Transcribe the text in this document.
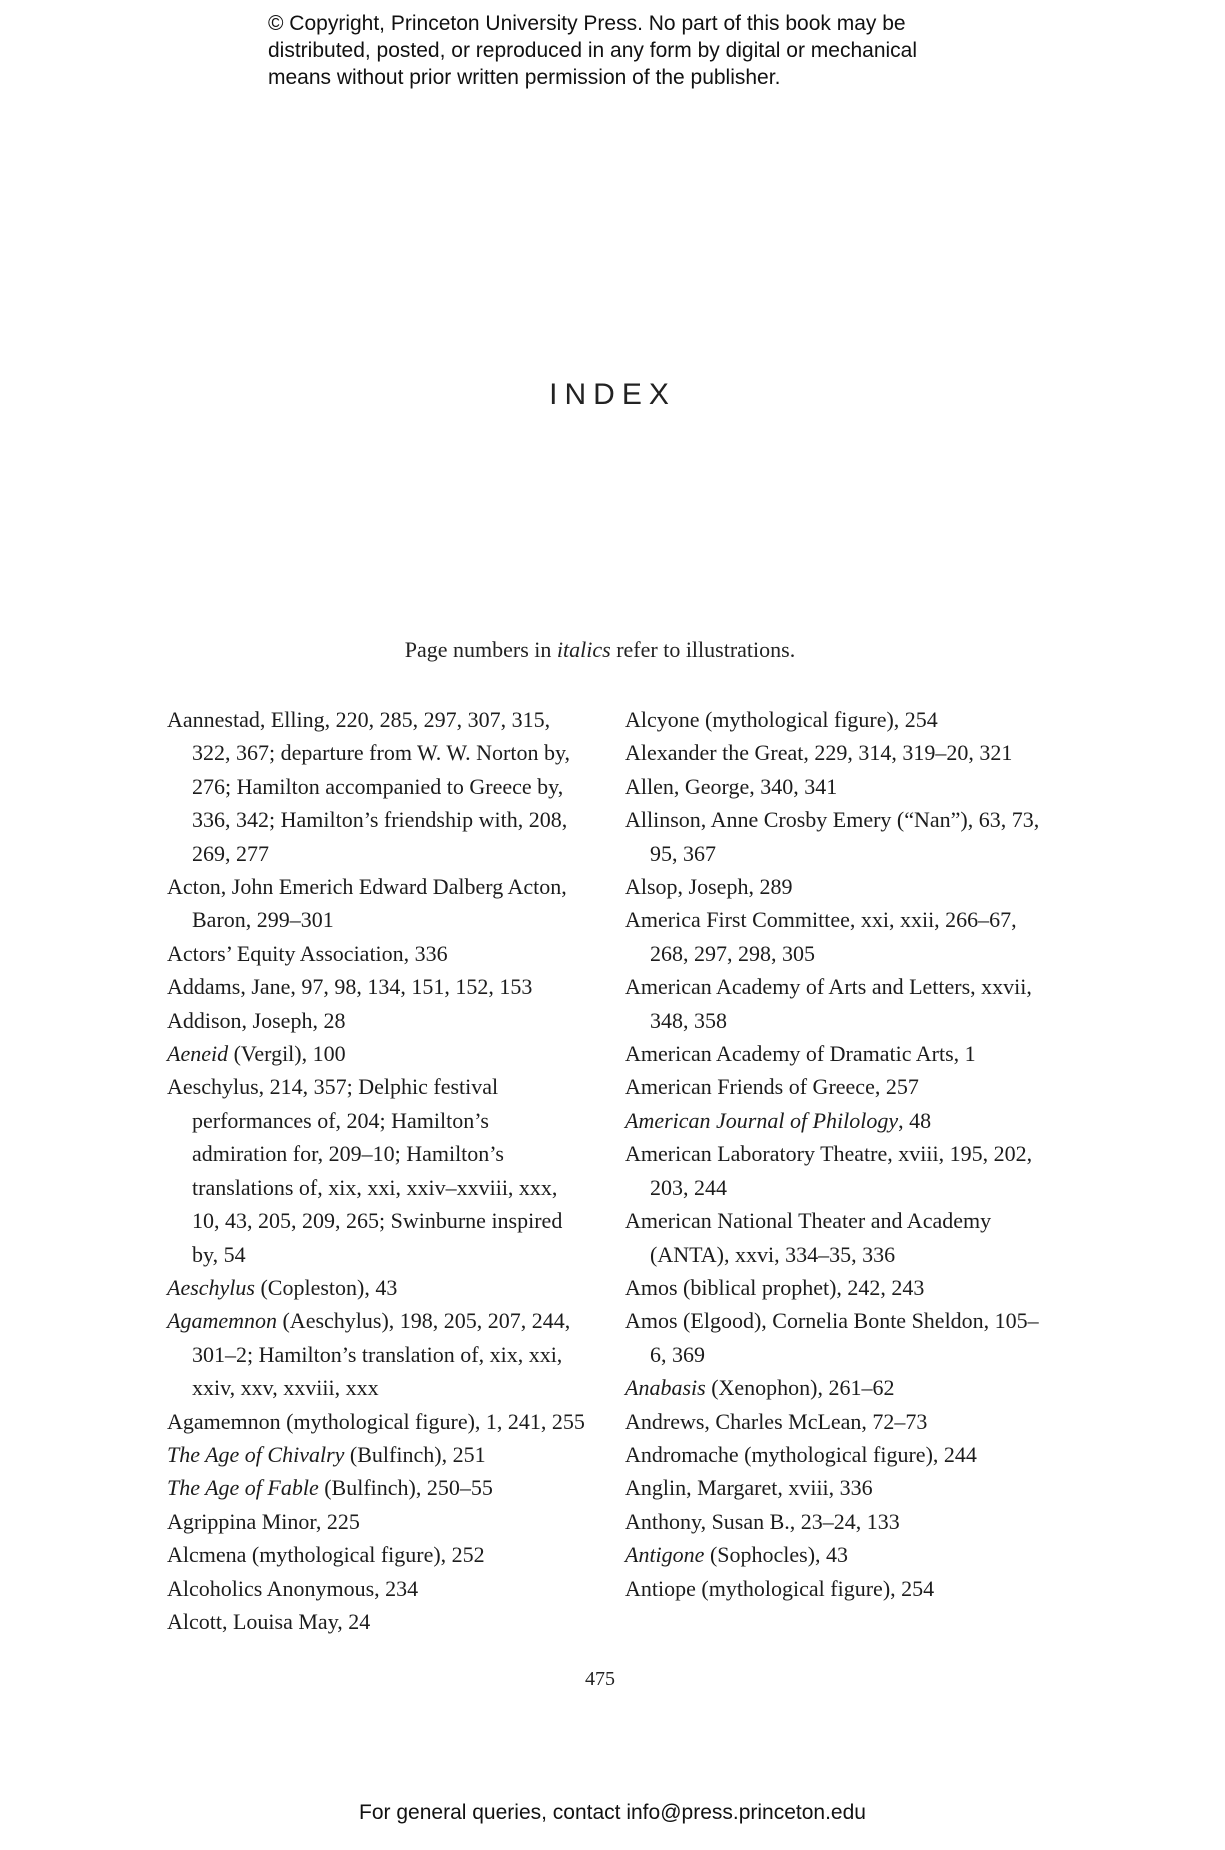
© Copyright, Princeton University Press. No part of this book may be
distributed, posted, or reproduced in any form by digital or mechanical
means without prior written permission of the publisher.
INDEX
Page numbers in italics refer to illustrations.

Aannestad, Elling, 220, 285, 297, 307, 315, 322, 367; departure from W. W. Norton by, 276; Hamilton accompanied to Greece by, 336, 342; Hamilton’s friendship with, 208, 269, 277

Acton, John Emerich Edward Dalberg Acton, Baron, 299–301

Actors’ Equity Association, 336

Addams, Jane, 97, 98, 134, 151, 152, 153

Addison, Joseph, 28

Aeneid (Vergil), 100

Aeschylus, 214, 357; Delphic festival performances of, 204; Hamilton’s admiration for, 209–10; Hamilton’s translations of, xix, xxi, xxiv–xxviii, xxx, 10, 43, 205, 209, 265; Swinburne inspired by, 54

Aeschylus (Copleston), 43

Agamemnon (Aeschylus), 198, 205, 207, 244, 301–2; Hamilton’s translation of, xix, xxi, xxiv, xxv, xxviii, xxx

Agamemnon (mythological figure), 1, 241, 255

The Age of Chivalry (Bulfinch), 251

The Age of Fable (Bulfinch), 250–55

Agrippina Minor, 225

Alcmena (mythological figure), 252

Alcoholics Anonymous, 234

Alcott, Louisa May, 24

Alcyone (mythological figure), 254

Alexander the Great, 229, 314, 319–20, 321

Allen, George, 340, 341

Allinson, Anne Crosby Emery (“Nan”), 63, 73, 95, 367

Alsop, Joseph, 289

America First Committee, xxi, xxii, 266–67, 268, 297, 298, 305

American Academy of Arts and Letters, xxvii, 348, 358

American Academy of Dramatic Arts, 1

American Friends of Greece, 257

American Journal of Philology, 48

American Laboratory Theatre, xviii, 195, 202, 203, 244

American National Theater and Academy (ANTA), xxvi, 334–35, 336

Amos (biblical prophet), 242, 243

Amos (Elgood), Cornelia Bonte Sheldon, 105–6, 369

Anabasis (Xenophon), 261–62

Andrews, Charles McLean, 72–73

Andromache (mythological figure), 244

Anglin, Margaret, xviii, 336

Anthony, Susan B., 23–24, 133

Antigone (Sophocles), 43

Antiope (mythological figure), 254

475
For general queries, contact info@press.princeton.edu
